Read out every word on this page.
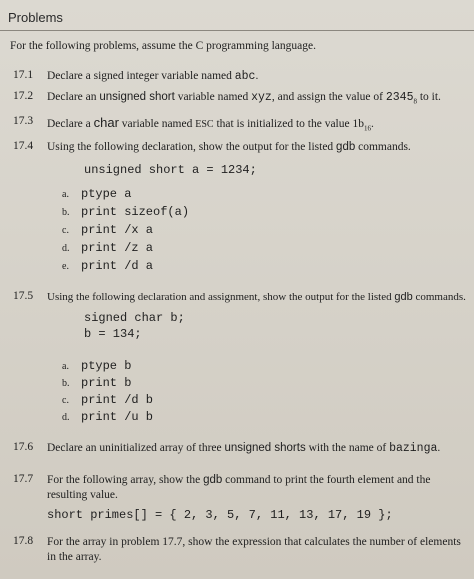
Problems
For the following problems, assume the C programming language.
17.1 Declare a signed integer variable named abc.
17.2 Declare an unsigned short variable named xyz, and assign the value of $2345_8$ to it.
17.3 Declare a char variable named ESC that is initialized to the value $1b_{16}$.
17.4 Using the following declaration, show the output for the listed gdb commands.
unsigned short a = 1234;
a. ptype a
b. print sizeof(a)
c. print /x a
d. print /z a
e. print /d a
17.5 Using the following declaration and assignment, show the output for the listed gdb commands.
signed char b;
b = 134;
a. ptype b
b. print b
c. print /d b
d. print /u b
17.6 Declare an uninitialized array of three unsigned shorts with the name of bazinga.
17.7 For the following array, show the gdb command to print the fourth element and the resulting value.
short primes[] = { 2, 3, 5, 7, 11, 13, 17, 19 };
17.8 For the array in problem 17.7, show the expression that calculates the number of elements in the array.
